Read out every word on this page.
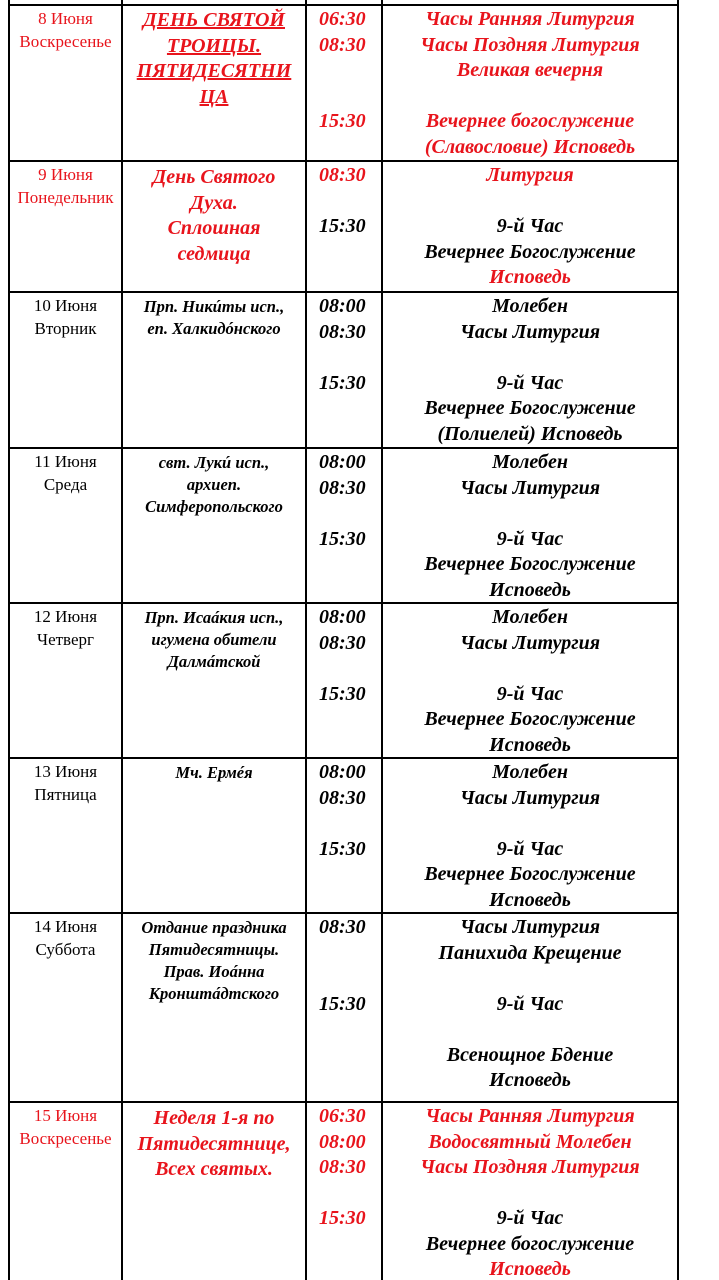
8 Июня
Воскресенье
ДЕНЬ СВЯТОЙ
ТРОИЦЫ.
ПЯТИДЕСЯТНИ
ЦА
06:30
08:30
15:30
Часы Ранняя Литургия
Часы Поздняя Литургия
Великая вечерня
Вечернее богослужение
(Славословие) Исповедь
9 Июня
Понедельник
День Святого
Духа.
Сплошная
седмица
08:30
15:30
Литургия
9-й Час
Вечернее Богослужение
Исповедь
10 Июня
Вторник
Прп. Никúты исп.,
еп. Халкидóнского
08:00
08:30
15:30
Молебен
Часы Литургия
9-й Час
Вечернее Богослужение
(Полиелей) Исповедь
11 Июня
Среда
свт. Лукú исп.,
архиеп.
Симферопольского
08:00
08:30
15:30
Молебен
Часы Литургия
9-й Час
Вечернее Богослужение
Исповедь
12 Июня
Четверг
Прп. Исаáкия исп.,
игумена обители
Далмáтской
08:00
08:30
15:30
Молебен
Часы Литургия
9-й Час
Вечернее Богослужение
Исповедь
13 Июня
Пятница
Мч. Ермéя	08:00
08:30
15:30
Молебен
Часы Литургия
9-й Час
Вечернее Богослужение
Исповедь
14 Июня
Суббота
Отдание праздника
Пятидесятницы.
Прав. Иоáнна
Кронштáдтского
08:30
15:30
Часы Литургия
Панихида Крещение
9-й Час
Всенощное Бдение
Исповедь
15 Июня
Воскресенье
Неделя 1-я по
Пятидесятнице,
Всех святых.
06:30
08:00
08:30
15:30
Часы Ранняя Литургия
Водосвятный Молебен
Часы Поздняя Литургия
9-й Час
Вечернее богослужение
Исповедь
